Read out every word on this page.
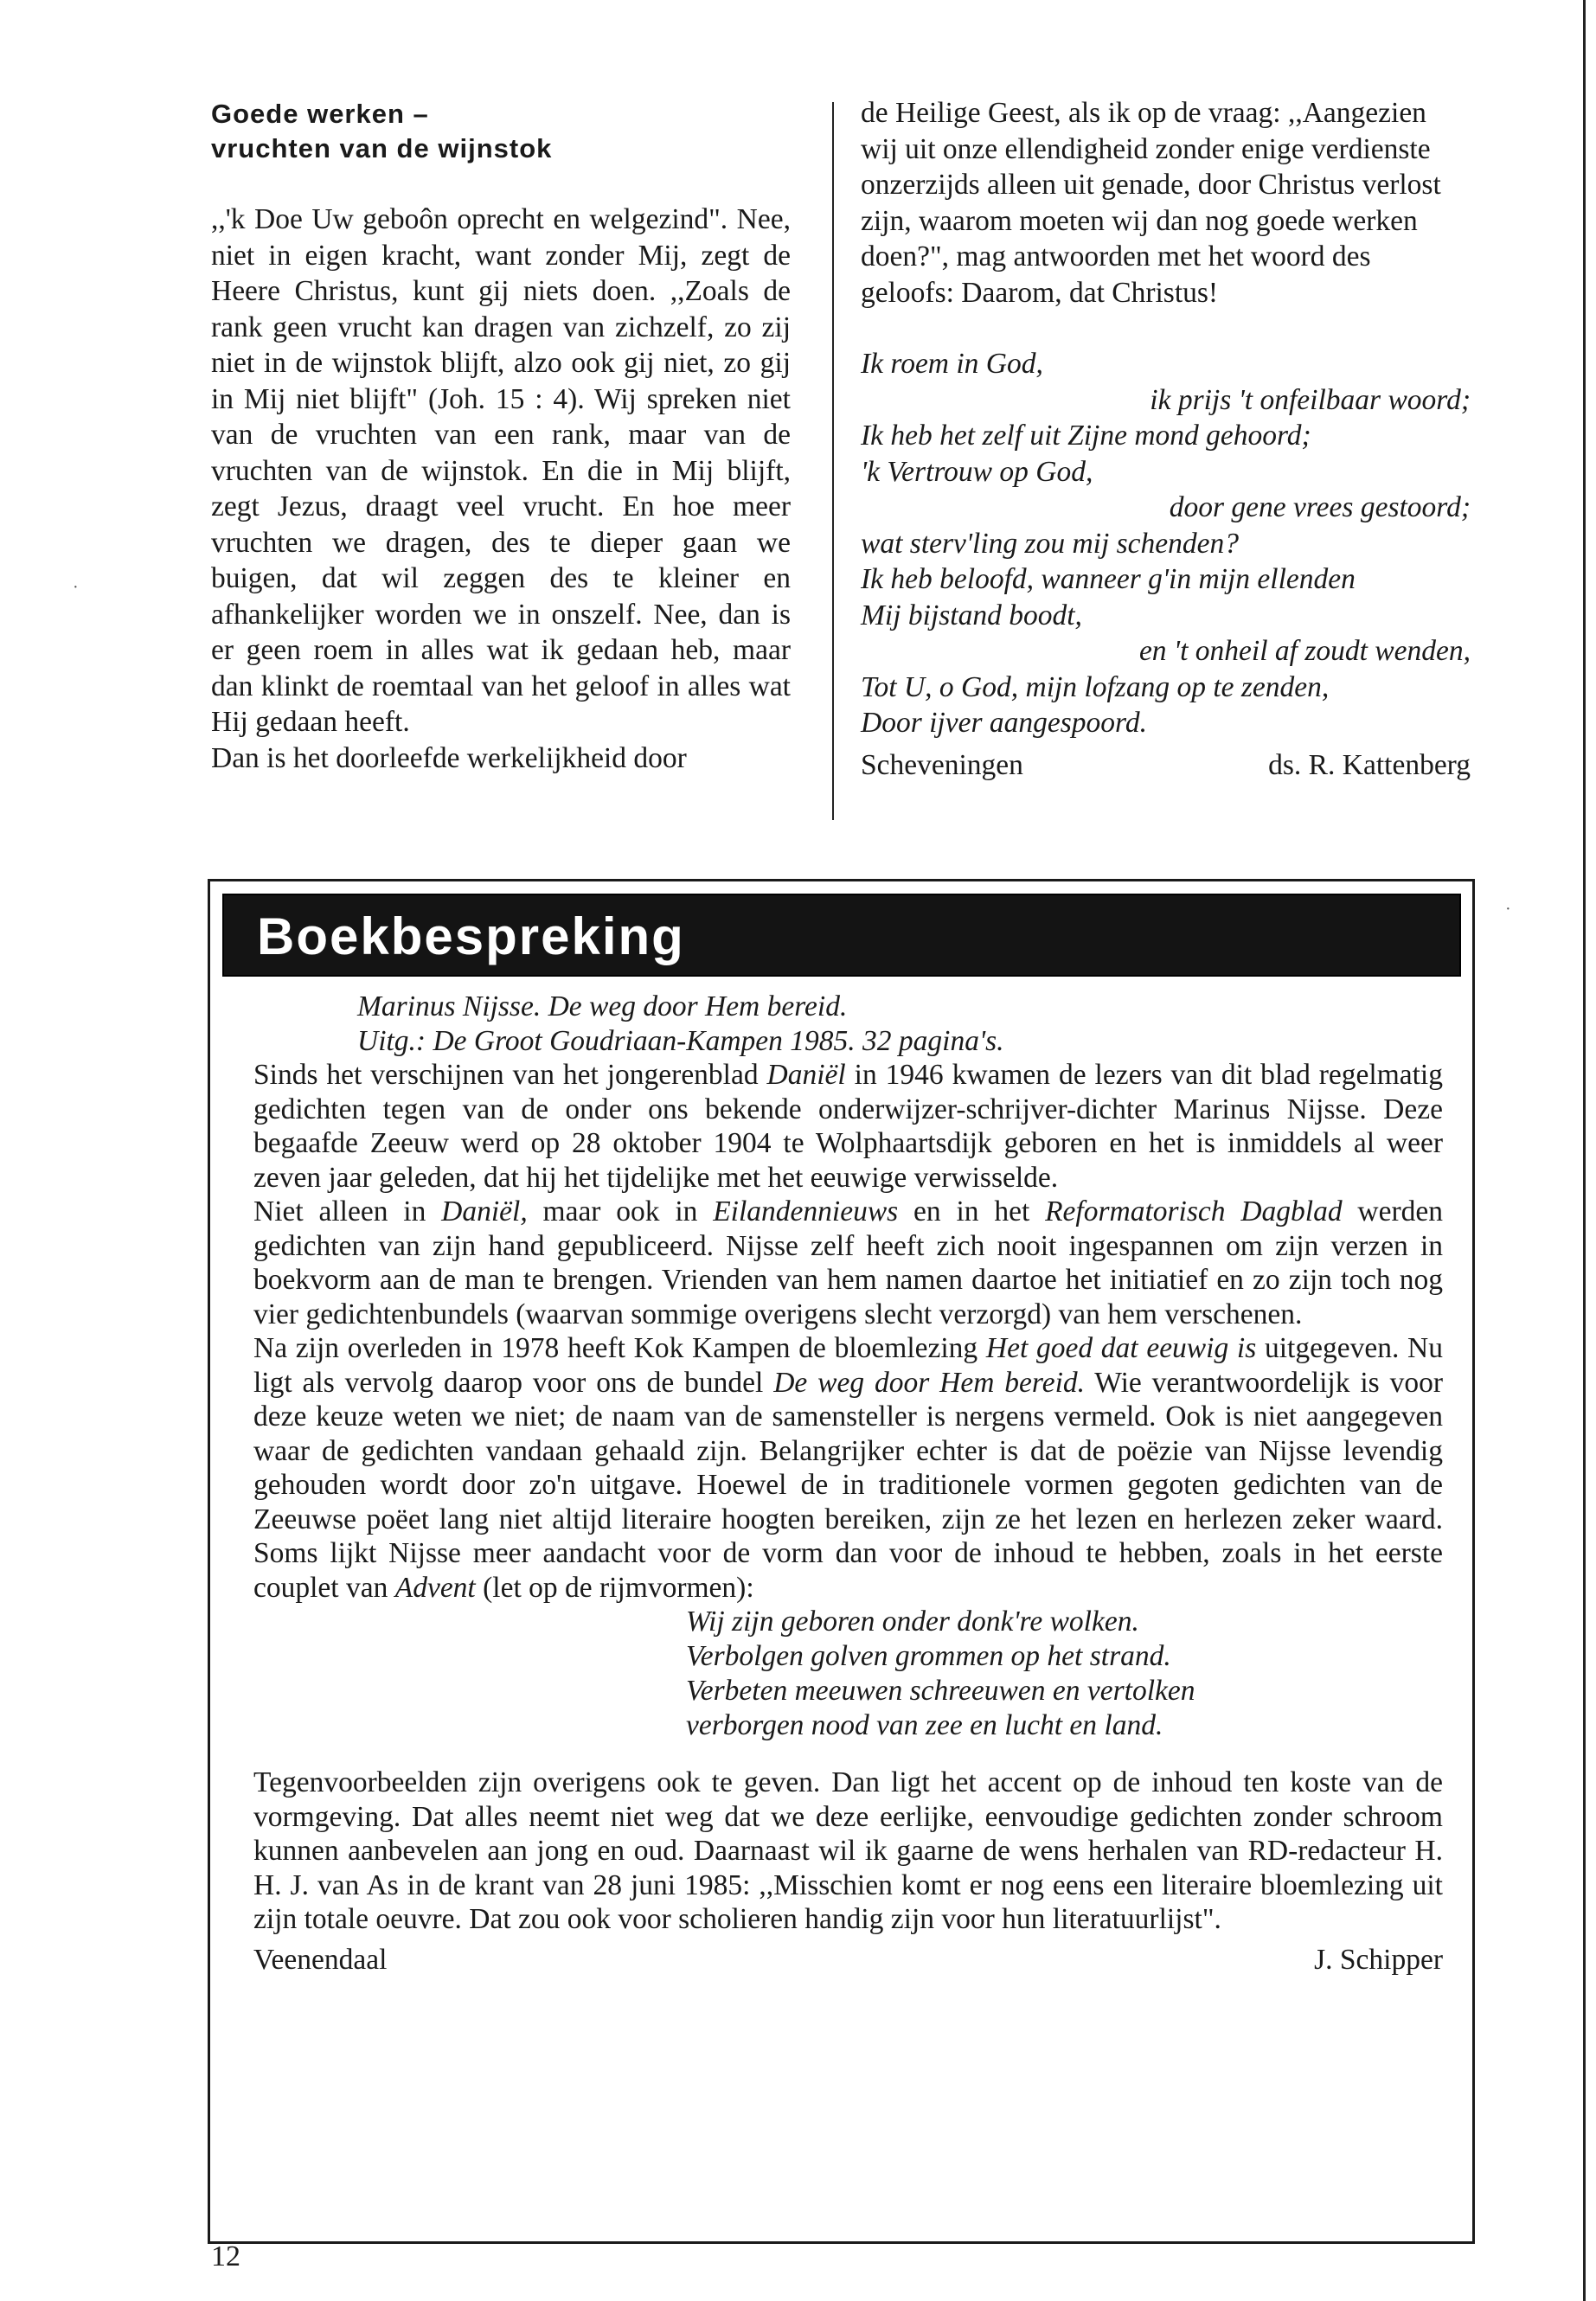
·
·

Goede werken –
vruchten van de wijnstok

,,'k Doe Uw geboôn oprecht en welgezind". Nee, niet in eigen kracht, want zonder Mij, zegt de Heere Christus, kunt gij niets doen. ,,Zoals de rank geen vrucht kan dragen van zichzelf, zo zij niet in de wijnstok blijft, alzo ook gij niet, zo gij in Mij niet blijft" (Joh. 15 : 4). Wij spreken niet van de vruchten van een rank, maar van de vruchten van de wijnstok. En die in Mij blijft, zegt Jezus, draagt veel vrucht. En hoe meer vruchten we dragen, des te dieper gaan we buigen, dat wil zeggen des te kleiner en afhankelijker worden we in onszelf. Nee, dan is er geen roem in alles wat ik gedaan heb, maar dan klinkt de roemtaal van het geloof in alles wat Hij gedaan heeft.

Dan is het doorleefde werkelijkheid door

de Heilige Geest, als ik op de vraag: ,,Aangezien wij uit onze ellendigheid zonder enige verdienste onzerzijds alleen uit genade, door Christus verlost zijn, waarom moeten wij dan nog goede werken doen?", mag antwoorden met het woord des geloofs: Daarom, dat Christus!

Ik roem in God,
ik prijs 't onfeilbaar woord;
Ik heb het zelf uit Zijne mond gehoord;
'k Vertrouw op God,
door gene vrees gestoord;
wat sterv'ling zou mij schenden?
Ik heb beloofd, wanneer g'in mijn ellenden
Mij bijstand boodt,
en 't onheil af zoudt wenden,
Tot U, o God, mijn lofzang op te zenden,
Door ijver aangespoord.
Scheveningen	ds. R. Kattenberg
Boekbespreking

Marinus Nijsse. De weg door Hem bereid.
Uitg.: De Groot Goudriaan-Kampen 1985. 32 pagina's.

Sinds het verschijnen van het jongerenblad Daniël in 1946 kwamen de lezers van dit blad regelmatig gedichten tegen van de onder ons bekende onderwijzer-schrijver-dichter Marinus Nijsse. Deze begaafde Zeeuw werd op 28 oktober 1904 te Wolphaartsdijk geboren en het is inmiddels al weer zeven jaar geleden, dat hij het tijdelijke met het eeuwige verwisselde.

Niet alleen in Daniël, maar ook in Eilandennieuws en in het Reformatorisch Dagblad werden gedichten van zijn hand gepubliceerd. Nijsse zelf heeft zich nooit ingespannen om zijn verzen in boekvorm aan de man te brengen. Vrienden van hem namen daartoe het initiatief en zo zijn toch nog vier gedichtenbundels (waarvan sommige overigens slecht verzorgd) van hem verschenen.

Na zijn overleden in 1978 heeft Kok Kampen de bloemlezing Het goed dat eeuwig is uitgegeven. Nu ligt als vervolg daarop voor ons de bundel De weg door Hem bereid. Wie verantwoordelijk is voor deze keuze weten we niet; de naam van de samensteller is nergens vermeld. Ook is niet aangegeven waar de gedichten vandaan gehaald zijn. Belangrijker echter is dat de poëzie van Nijsse levendig gehouden wordt door zo'n uitgave. Hoewel de in traditionele vormen gegoten gedichten van de Zeeuwse poëet lang niet altijd literaire hoogten bereiken, zijn ze het lezen en herlezen zeker waard. Soms lijkt Nijsse meer aandacht voor de vorm dan voor de inhoud te hebben, zoals in het eerste couplet van Advent (let op de rijmvormen):

Wij zijn geboren onder donk're wolken.
Verbolgen golven grommen op het strand.
Verbeten meeuwen schreeuwen en vertolken
verborgen nood van zee en lucht en land.

Tegenvoorbeelden zijn overigens ook te geven. Dan ligt het accent op de inhoud ten koste van de vormgeving. Dat alles neemt niet weg dat we deze eerlijke, eenvoudige gedichten zonder schroom kunnen aanbevelen aan jong en oud. Daarnaast wil ik gaarne de wens herhalen van RD-redacteur H. H. J. van As in de krant van 28 juni 1985: ,,Misschien komt er nog eens een literaire bloemlezing uit zijn totale oeuvre. Dat zou ook voor scholieren handig zijn voor hun literatuurlijst".

Veenendaal	J. Schipper
12
